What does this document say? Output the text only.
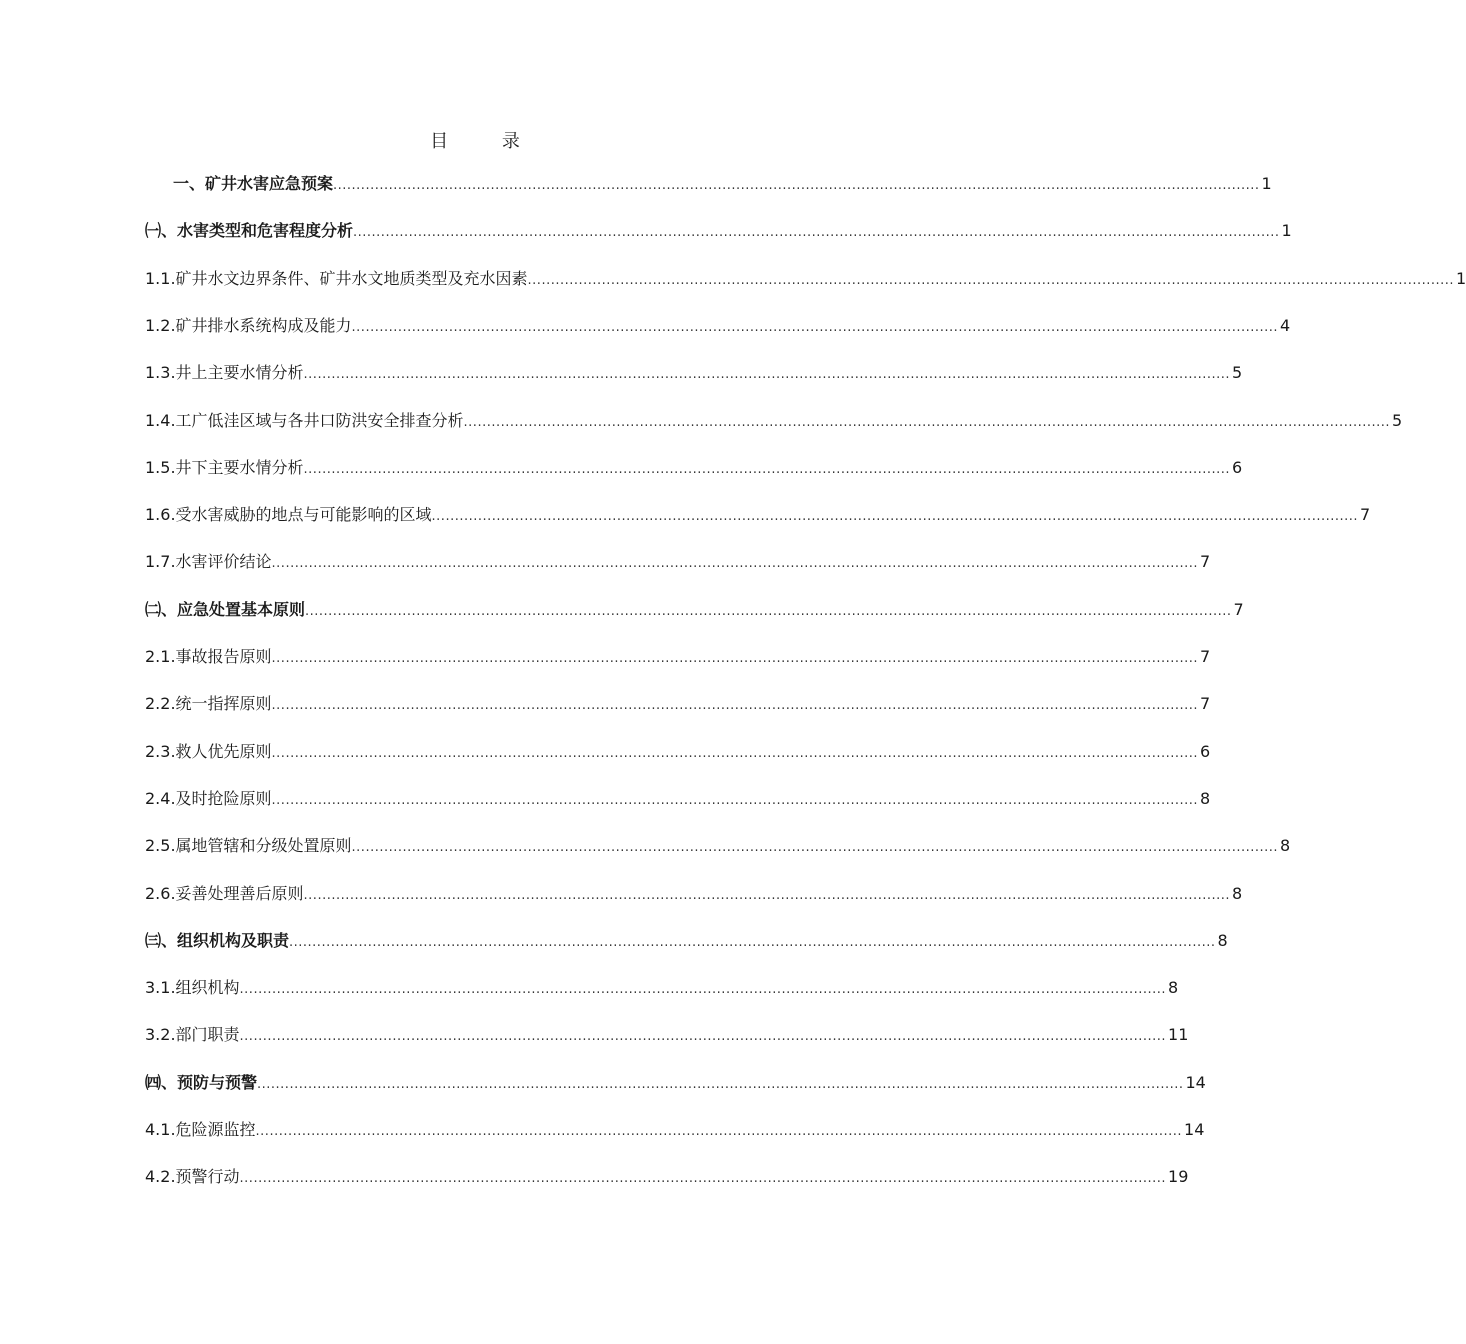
目 录
一、矿井水害应急预案 ........................................................................................................................................................................................................ 1
㈠、水害类型和危害程度分析 ........................................................................................................................................................................................................ 1
1.1.矿井水文边界条件、矿井水文地质类型及充水因素 ........................................................................................................................................................................................................ 1
1.2.矿井排水系统构成及能力 ........................................................................................................................................................................................................ 4
1.3.井上主要水情分析 ........................................................................................................................................................................................................ 5
1.4.工广低洼区域与各井口防洪安全排查分析 ........................................................................................................................................................................................................ 5
1.5.井下主要水情分析 ........................................................................................................................................................................................................ 6
1.6.受水害威胁的地点与可能影响的区域 ........................................................................................................................................................................................................ 7
1.7.水害评价结论 ........................................................................................................................................................................................................ 7
㈡、应急处置基本原则 ........................................................................................................................................................................................................ 7
2.1.事故报告原则 ........................................................................................................................................................................................................ 7
2.2.统一指挥原则 ........................................................................................................................................................................................................ 7
2.3.救人优先原则 ........................................................................................................................................................................................................ 6
2.4.及时抢险原则 ........................................................................................................................................................................................................ 8
2.5.属地管辖和分级处置原则 ........................................................................................................................................................................................................ 8
2.6.妥善处理善后原则 ........................................................................................................................................................................................................ 8
㈢、组织机构及职责 ........................................................................................................................................................................................................ 8
3.1.组织机构 ........................................................................................................................................................................................................ 8
3.2.部门职责 ........................................................................................................................................................................................................ 11
㈣、预防与预警 ........................................................................................................................................................................................................ 14
4.1.危险源监控 ........................................................................................................................................................................................................ 14
4.2.预警行动 ........................................................................................................................................................................................................ 19
